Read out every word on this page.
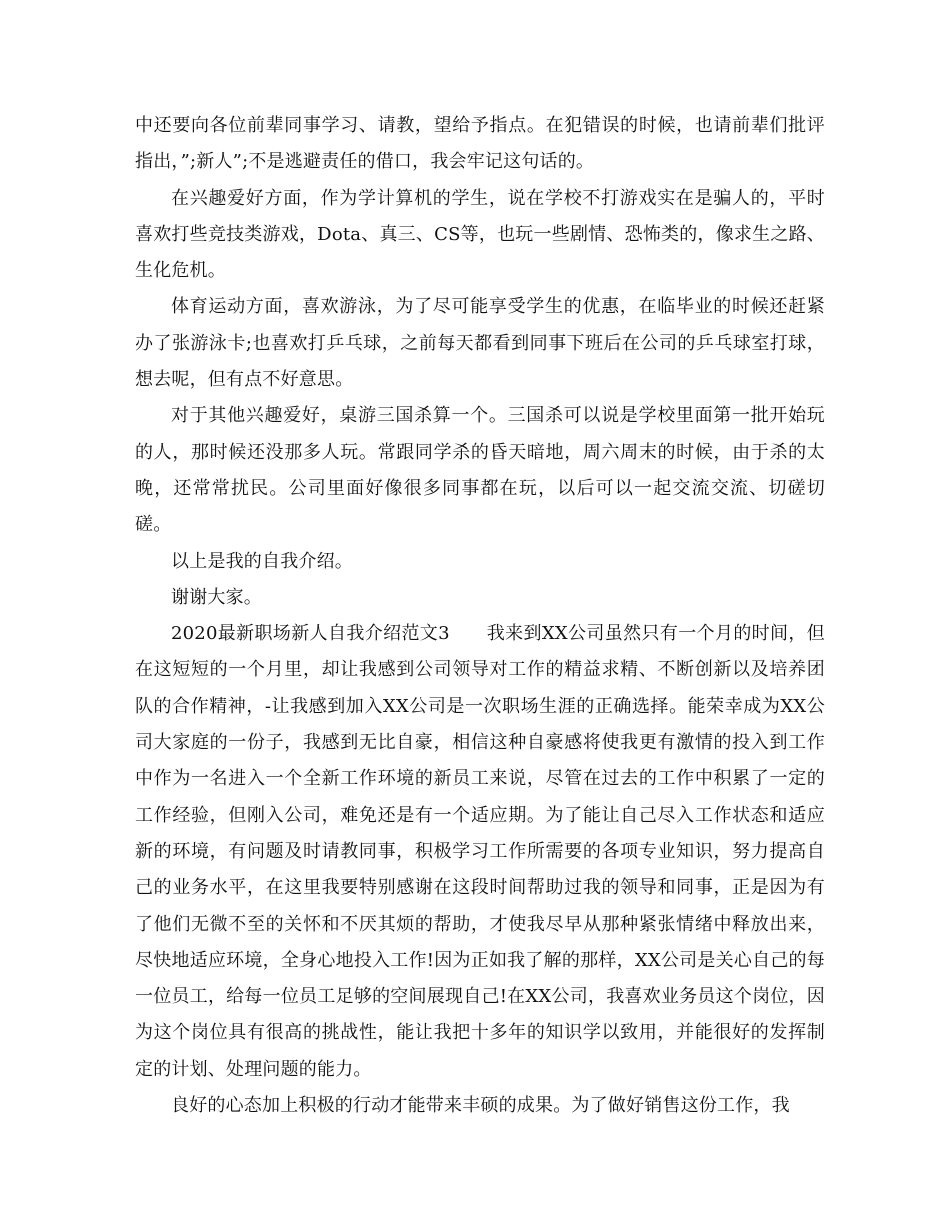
中还要向各位前辈同事学习、请教，望给予指点。在犯错误的时候，也请前辈们批评指出，”;新人”;不是逃避责任的借口，我会牢记这句话的。

在兴趣爱好方面，作为学计算机的学生，说在学校不打游戏实在是骗人的，平时喜欢打些竞技类游戏，Dota、真三、CS等，也玩一些剧情、恐怖类的，像求生之路、生化危机。

体育运动方面，喜欢游泳，为了尽可能享受学生的优惠，在临毕业的时候还赶紧办了张游泳卡;也喜欢打乒乓球，之前每天都看到同事下班后在公司的乒乓球室打球，想去呢，但有点不好意思。

对于其他兴趣爱好，桌游三国杀算一个。三国杀可以说是学校里面第一批开始玩的人，那时候还没那多人玩。常跟同学杀的昏天暗地，周六周末的时候，由于杀的太晚，还常常扰民。公司里面好像很多同事都在玩，以后可以一起交流交流、切磋切磋。

以上是我的自我介绍。

谢谢大家。

2020最新职场新人自我介绍范文3　　我来到XX公司虽然只有一个月的时间，但在这短短的一个月里，却让我感到公司领导对工作的精益求精、不断创新以及培养团队的合作精神，-让我感到加入XX公司是一次职场生涯的正确选择。能荣幸成为XX公司大家庭的一份子，我感到无比自豪，相信这种自豪感将使我更有激情的投入到工作中作为一名进入一个全新工作环境的新员工来说，尽管在过去的工作中积累了一定的工作经验，但刚入公司，难免还是有一个适应期。为了能让自己尽入工作状态和适应新的环境，有问题及时请教同事，积极学习工作所需要的各项专业知识，努力提高自己的业务水平，在这里我要特别感谢在这段时间帮助过我的领导和同事，正是因为有了他们无微不至的关怀和不厌其烦的帮助，才使我尽早从那种紧张情绪中释放出来，尽快地适应环境，全身心地投入工作!因为正如我了解的那样，XX公司是关心自己的每一位员工，给每一位员工足够的空间展现自己!在XX公司，我喜欢业务员这个岗位，因为这个岗位具有很高的挑战性，能让我把十多年的知识学以致用，并能很好的发挥制定的计划、处理问题的能力。

良好的心态加上积极的行动才能带来丰硕的成果。为了做好销售这份工作，我
